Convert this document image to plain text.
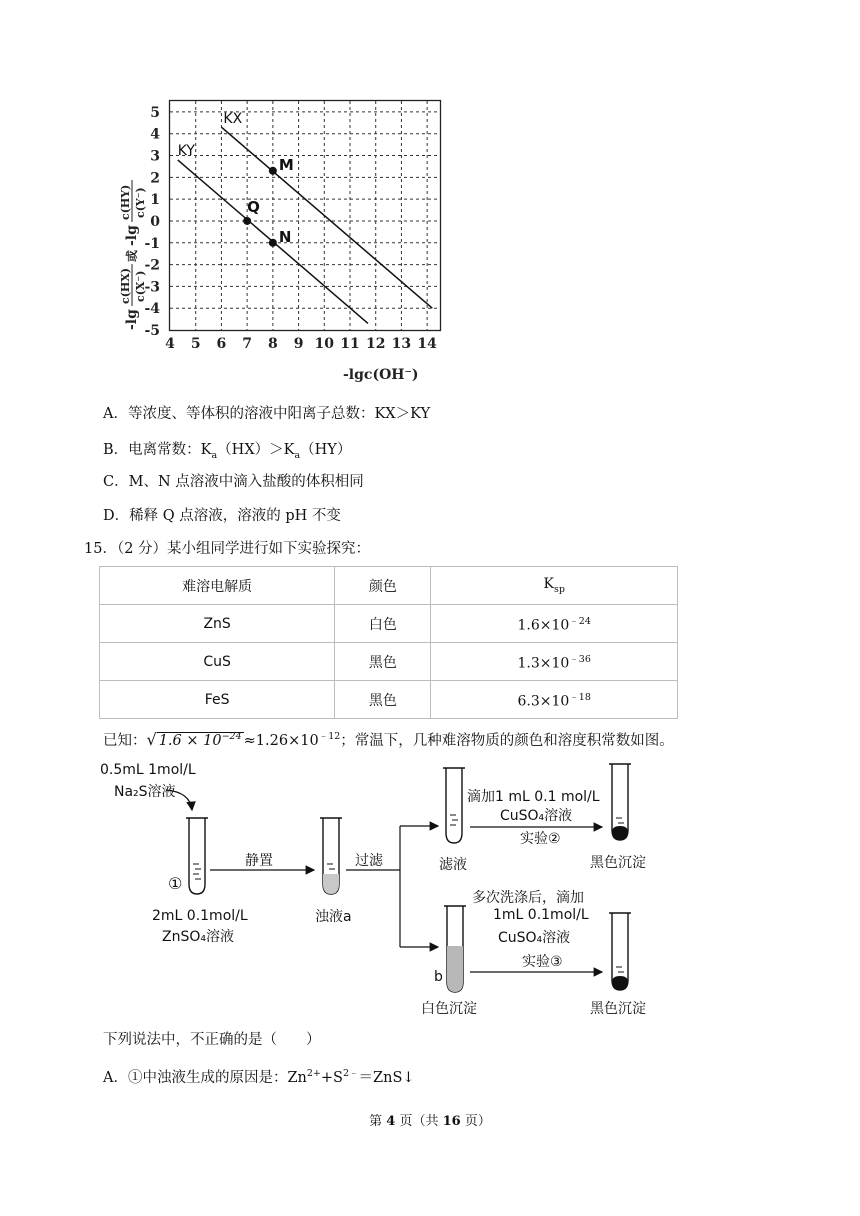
4 5 6 7 8 9 10 11 12 13 14
5
4
3
2
1
0
-1
-2
-3
-4
-5
KX
KY
M
Q
N
-lg
c(HX) c(X⁻)
或
-lg
c(HY) c(Y⁻)
-lgc(OH⁻)
A．等浓度、等体积的溶液中阳离子总数：KX＞KY
B．电离常数：$K_a(HX)>K_a(HY)$
C．M、N 点溶液中滴入盐酸的体积相同
D．稀释 Q 点溶液，溶液的 pH 不变
15．（2 分）某小组同学进行如下实验探究：
难溶电解质	颜色	$K_{sp}$
ZnS	白色	$1.6\times 10^{﹣24}$
CuS	黑色	$1.3\times 10^{﹣36}$
FeS	黑色	$6.3\times 10^{﹣18}$
已知：√ $1.6 \times 10^{-24} \approx 1.26\times 10^{﹣12}$；常温下，几种难溶物质的颜色和溶度积常数如图。
0.5mL 1mol/L
Na₂S溶液
①
2mL 0.1mol/L
ZnSO₄溶液
静置
浊液a
过滤	滤液
滴加1 mL 0.1 mol/L
CuSO₄溶液
实验②
黑色沉淀
b
白色沉淀
多次洗涤后，滴加
1mL 0.1mol/L
CuSO₄溶液
实验③
黑色沉淀
下列说法中，不正确的是（　　）
A．①中浊液生成的原因是：$Zn^{2+}+S^{2﹣}=ZnS↓$
第 4 页（共 16 页）
